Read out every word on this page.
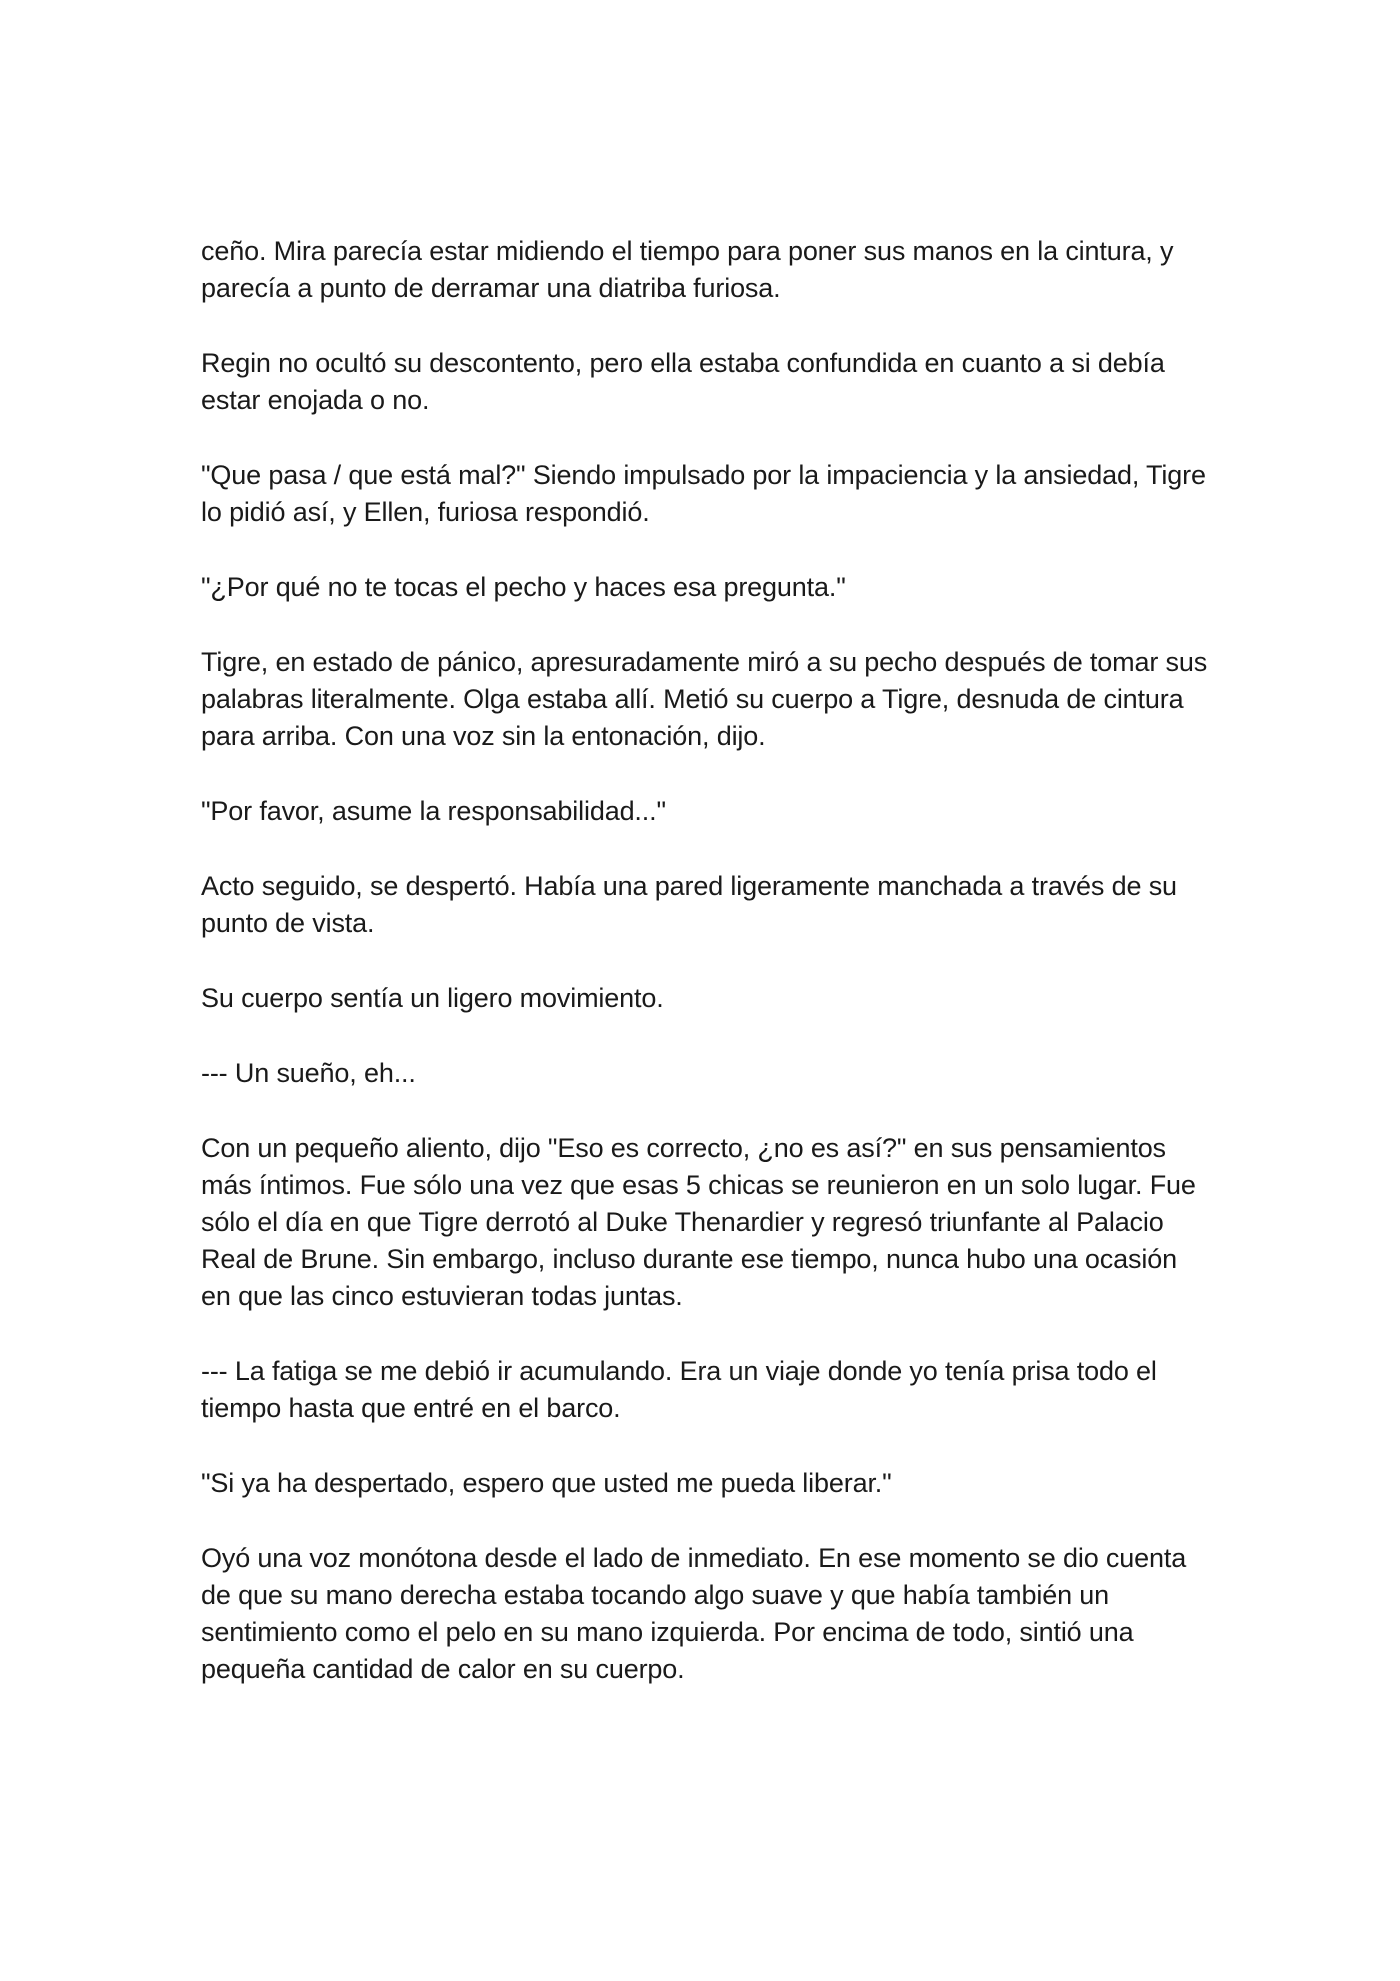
ceño. Mira parecía estar midiendo el tiempo para poner sus manos en la cintura, y parecía a punto de derramar una diatriba furiosa.

Regin no ocultó su descontento, pero ella estaba confundida en cuanto a si debía estar enojada o no.

"Que pasa / que está mal?" Siendo impulsado por la impaciencia y la ansiedad, Tigre lo pidió así, y Ellen, furiosa respondió.

"¿Por qué no te tocas el pecho y haces esa pregunta."

Tigre, en estado de pánico, apresuradamente miró a su pecho después de tomar sus palabras literalmente. Olga estaba allí. Metió su cuerpo a Tigre, desnuda de cintura para arriba. Con una voz sin la entonación, dijo.

"Por favor, asume la responsabilidad..."

Acto seguido, se despertó. Había una pared ligeramente manchada a través de su punto de vista.

Su cuerpo sentía un ligero movimiento.

--- Un sueño, eh...

Con un pequeño aliento, dijo "Eso es correcto, ¿no es así?" en sus pensamientos más íntimos. Fue sólo una vez que esas 5 chicas se reunieron en un solo lugar. Fue sólo el día en que Tigre derrotó al Duke Thenardier y regresó triunfante al Palacio Real de Brune. Sin embargo, incluso durante ese tiempo, nunca hubo una ocasión en que las cinco estuvieran todas juntas.

--- La fatiga se me debió ir acumulando. Era un viaje donde yo tenía prisa todo el tiempo hasta que entré en el barco.

"Si ya ha despertado, espero que usted me pueda liberar."

Oyó una voz monótona desde el lado de inmediato. En ese momento se dio cuenta de que su mano derecha estaba tocando algo suave y que había también un sentimiento como el pelo en su mano izquierda. Por encima de todo, sintió una pequeña cantidad de calor en su cuerpo.
